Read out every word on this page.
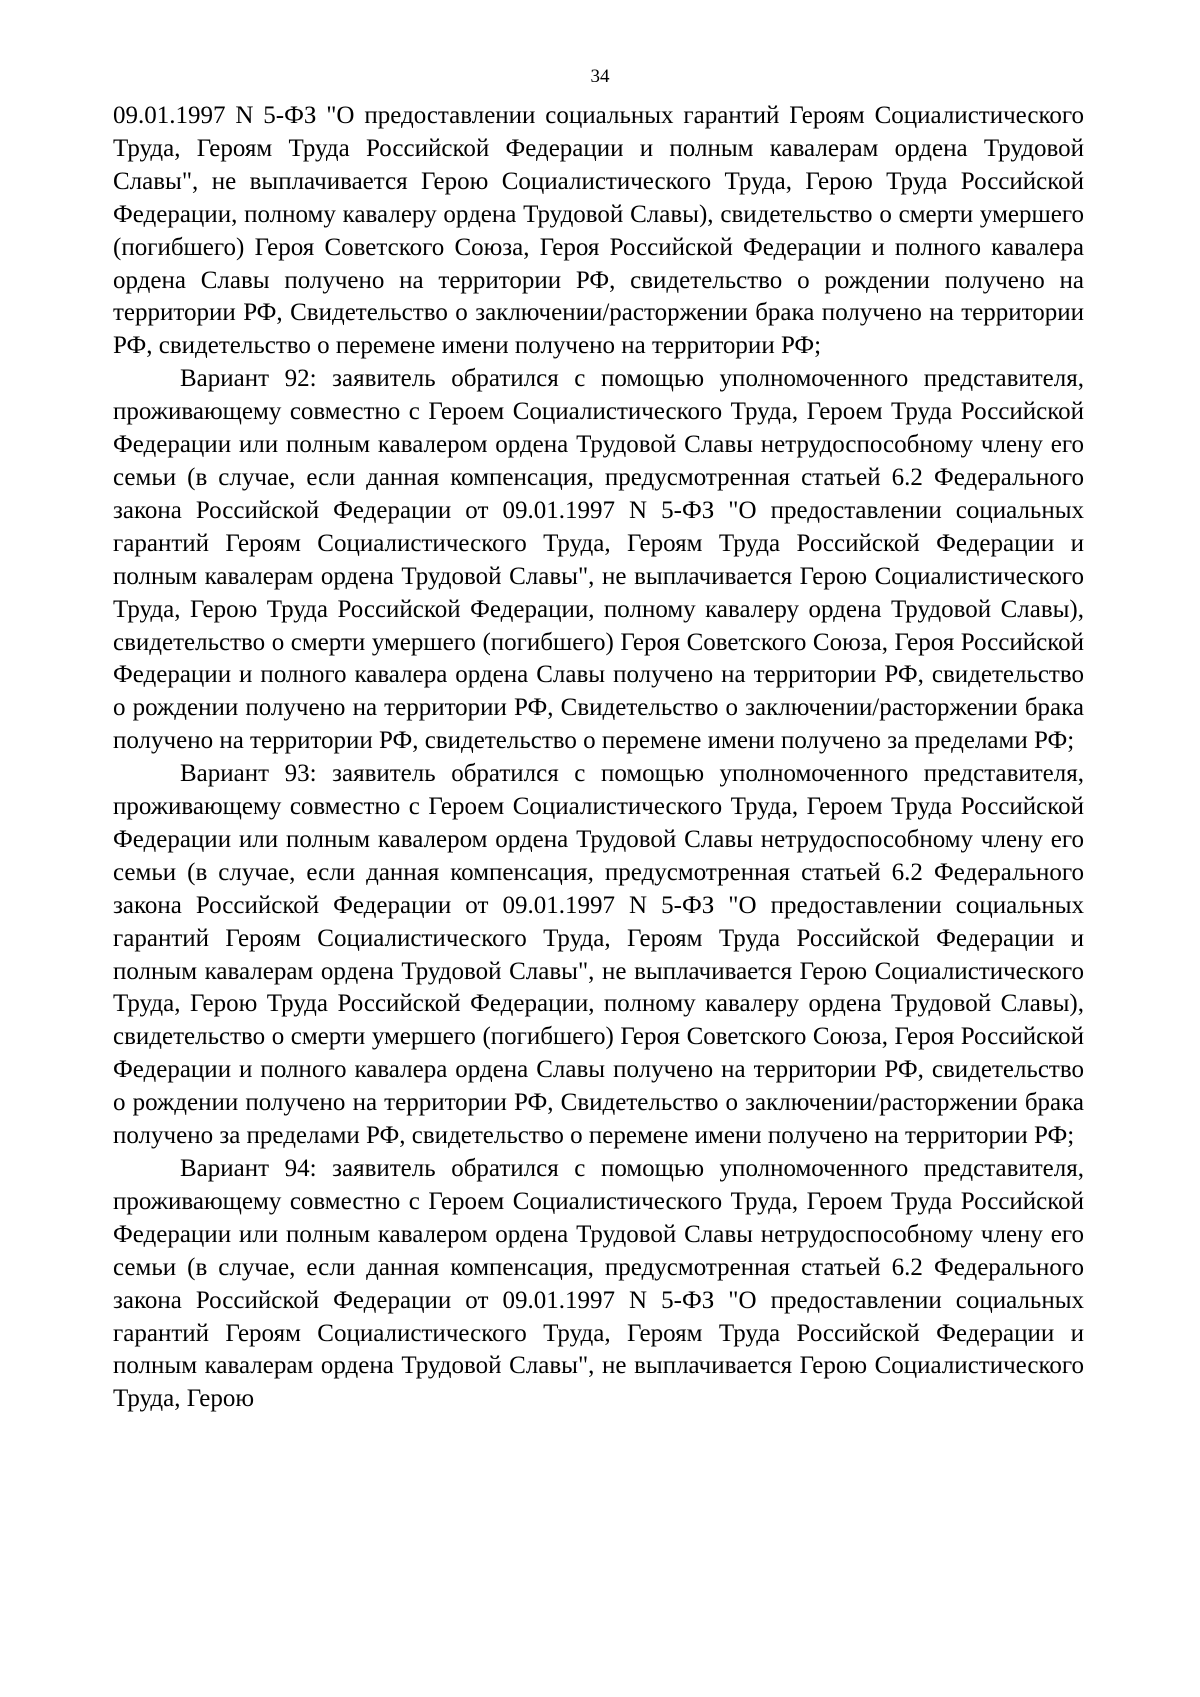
34

09.01.1997 N 5-ФЗ "О предоставлении социальных гарантий Героям Социалистического Труда, Героям Труда Российской Федерации и полным кавалерам ордена Трудовой Славы", не выплачивается Герою Социалистического Труда, Герою Труда Российской Федерации, полному кавалеру ордена Трудовой Славы), свидетельство о смерти умершего (погибшего) Героя Советского Союза, Героя Российской Федерации и полного кавалера ордена Славы получено на территории РФ, свидетельство о рождении получено на территории РФ, Свидетельство о заключении/расторжении брака получено на территории РФ, свидетельство о перемене имени получено на территории РФ;

Вариант 92: заявитель обратился с помощью уполномоченного представителя, проживающему совместно с Героем Социалистического Труда, Героем Труда Российской Федерации или полным кавалером ордена Трудовой Славы нетрудоспособному члену его семьи (в случае, если данная компенсация, предусмотренная статьей 6.2 Федерального закона Российской Федерации от 09.01.1997 N 5-ФЗ "О предоставлении социальных гарантий Героям Социалистического Труда, Героям Труда Российской Федерации и полным кавалерам ордена Трудовой Славы", не выплачивается Герою Социалистического Труда, Герою Труда Российской Федерации, полному кавалеру ордена Трудовой Славы), свидетельство о смерти умершего (погибшего) Героя Советского Союза, Героя Российской Федерации и полного кавалера ордена Славы получено на территории РФ, свидетельство о рождении получено на территории РФ, Свидетельство о заключении/расторжении брака получено на территории РФ, свидетельство о перемене имени получено за пределами РФ;

Вариант 93: заявитель обратился с помощью уполномоченного представителя, проживающему совместно с Героем Социалистического Труда, Героем Труда Российской Федерации или полным кавалером ордена Трудовой Славы нетрудоспособному члену его семьи (в случае, если данная компенсация, предусмотренная статьей 6.2 Федерального закона Российской Федерации от 09.01.1997 N 5-ФЗ "О предоставлении социальных гарантий Героям Социалистического Труда, Героям Труда Российской Федерации и полным кавалерам ордена Трудовой Славы", не выплачивается Герою Социалистического Труда, Герою Труда Российской Федерации, полному кавалеру ордена Трудовой Славы), свидетельство о смерти умершего (погибшего) Героя Советского Союза, Героя Российской Федерации и полного кавалера ордена Славы получено на территории РФ, свидетельство о рождении получено на территории РФ, Свидетельство о заключении/расторжении брака получено за пределами РФ, свидетельство о перемене имени получено на территории РФ;

Вариант 94: заявитель обратился с помощью уполномоченного представителя, проживающему совместно с Героем Социалистического Труда, Героем Труда Российской Федерации или полным кавалером ордена Трудовой Славы нетрудоспособному члену его семьи (в случае, если данная компенсация, предусмотренная статьей 6.2 Федерального закона Российской Федерации от 09.01.1997 N 5-ФЗ "О предоставлении социальных гарантий Героям Социалистического Труда, Героям Труда Российской Федерации и полным кавалерам ордена Трудовой Славы", не выплачивается Герою Социалистического Труда, Герою
